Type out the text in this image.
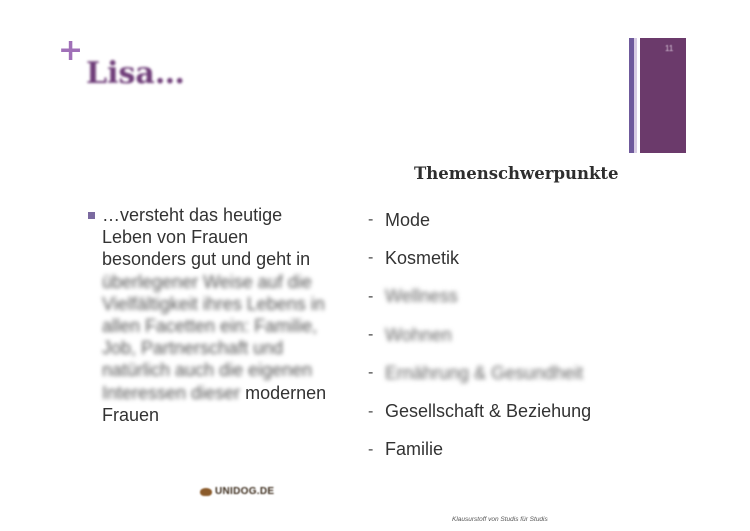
+
Lisa…
11
…versteht das heutige Leben von Frauen besonders gut und geht in überlegener Weise auf die Vielfältigkeit ihres Lebens in allen Facetten ein: Familie, Job, Partnerschaft und natürlich auch die eigenen Interessen dieser modernen Frauen
Themenschwerpunkte
- Mode
- Kosmetik
- Wellness
- Wohnen
- Ernährung & Gesundheit
- Gesellschaft & Beziehung
- Familie
UNIDOG.DE
Klausurstoff von Studis für Studis
